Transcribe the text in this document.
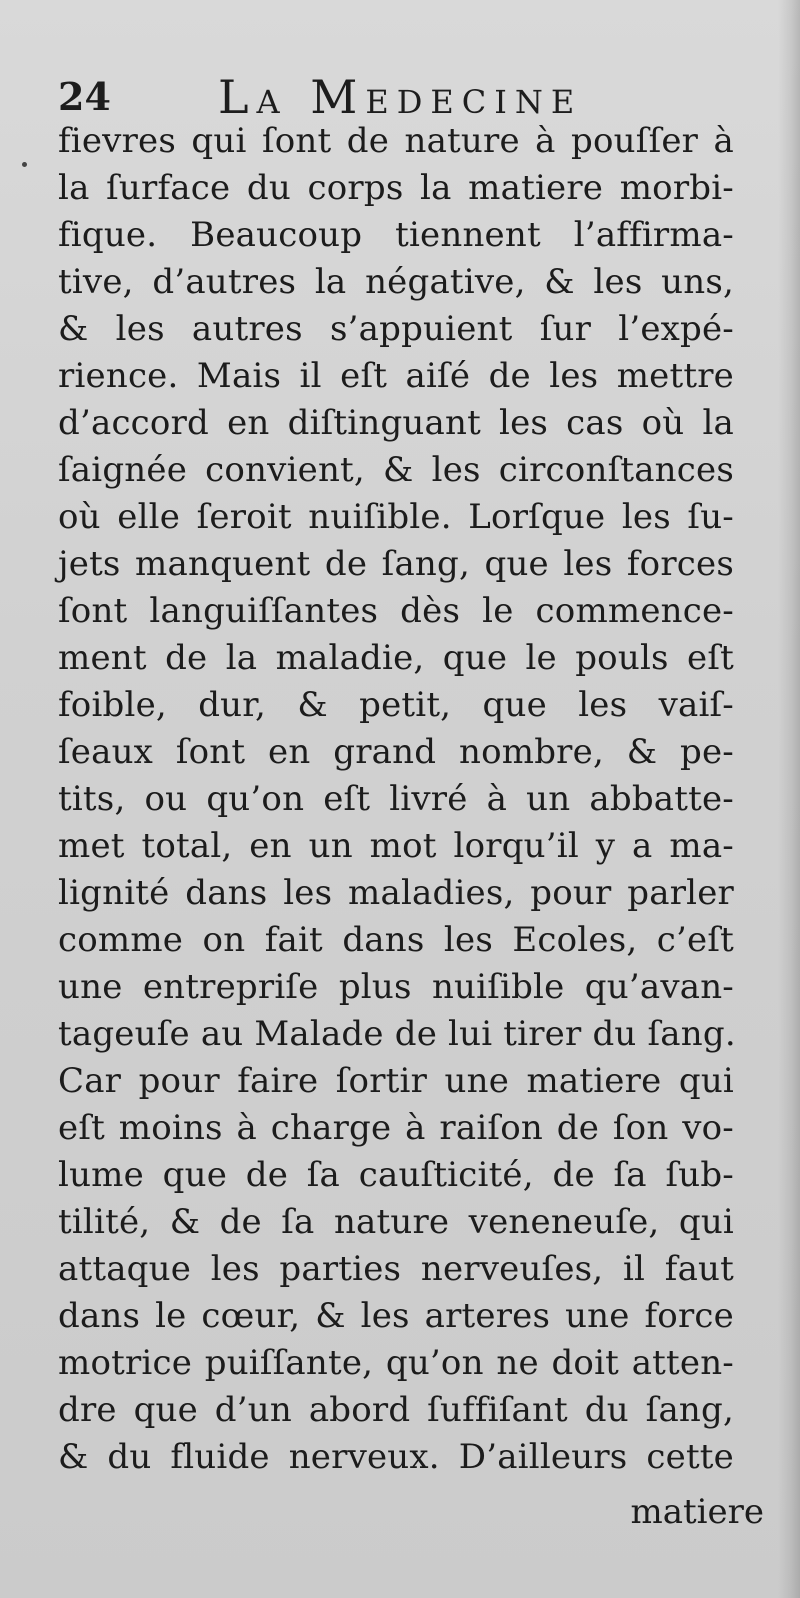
24 La Medecine
fievres qui ſont de nature à pouſſer à
la ſurface du corps la matiere morbi-
fique. Beaucoup tiennent l’affirma-
tive, d’autres la négative, & les uns,
& les autres s’appuient ſur l’expé-
rience. Mais il eſt aiſé de les mettre
d’accord en diſtinguant les cas où la
ſaignée convient, & les circonſtances
où elle ſeroit nuiſible. Lorſque les ſu-
jets manquent de ſang, que les forces
ſont languiſſantes dès le commence-
ment de la maladie, que le pouls eſt
foible, dur, & petit, que les vaiſ-
ſeaux ſont en grand nombre, & pe-
tits, ou qu’on eſt livré à un abbatte-
met total, en un mot lorqu’il y a ma-
lignité dans les maladies, pour parler
comme on fait dans les Ecoles, c’eſt
une entrepriſe plus nuiſible qu’avan-
tageuſe au Malade de lui tirer du ſang.
Car pour faire ſortir une matiere qui
eſt moins à charge à raiſon de ſon vo-
lume que de ſa cauſticité, de ſa ſub-
tilité, & de ſa nature veneneuſe, qui
attaque les parties nerveuſes, il faut
dans le cœur, & les arteres une force
motrice puiſſante, qu’on ne doit atten-
dre que d’un abord ſuffiſant du ſang,
& du fluide nerveux. D’ailleurs cette
matiere
